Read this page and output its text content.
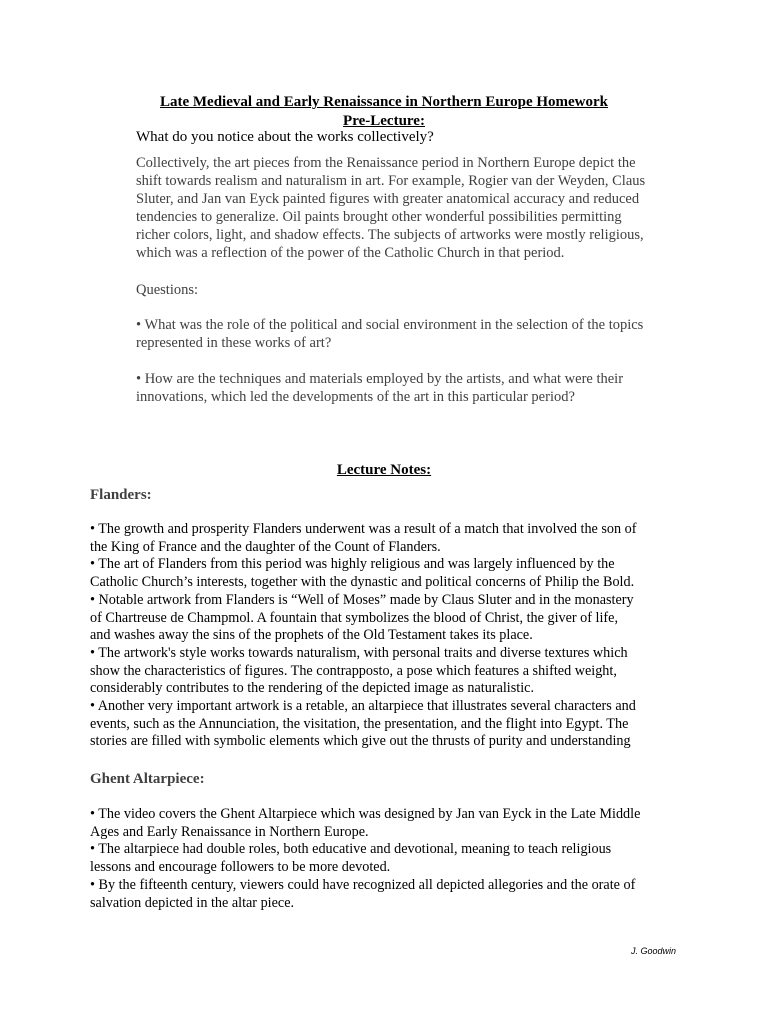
Late Medieval and Early Renaissance in Northern Europe Homework
Pre-Lecture:
What do you notice about the works collectively?

Collectively, the art pieces from the Renaissance period in Northern Europe depict the

shift towards realism and naturalism in art. For example, Rogier van der Weyden, Claus

Sluter, and Jan van Eyck painted figures with greater anatomical accuracy and reduced

tendencies to generalize. Oil paints brought other wonderful possibilities permitting

richer colors, light, and shadow effects. The subjects of artworks were mostly religious,

which was a reflection of the power of the Catholic Church in that period.

Questions:

• What was the role of the political and social environment in the selection of the topics

represented in these works of art?

• How are the techniques and materials employed by the artists, and what were their

innovations, which led the developments of the art in this particular period?

Lecture Notes:
Flanders:

• The growth and prosperity Flanders underwent was a result of a match that involved the son of

the King of France and the daughter of the Count of Flanders.

• The art of Flanders from this period was highly religious and was largely influenced by the

Catholic Church’s interests, together with the dynastic and political concerns of Philip the Bold.

• Notable artwork from Flanders is “Well of Moses” made by Claus Sluter and in the monastery

of Chartreuse de Champmol. A fountain that symbolizes the blood of Christ, the giver of life,

and washes away the sins of the prophets of the Old Testament takes its place.

• The artwork's style works towards naturalism, with personal traits and diverse textures which

show the characteristics of figures. The contrapposto, a pose which features a shifted weight,

considerably contributes to the rendering of the depicted image as naturalistic.

• Another very important artwork is a retable, an altarpiece that illustrates several characters and

events, such as the Annunciation, the visitation, the presentation, and the flight into Egypt. The

stories are filled with symbolic elements which give out the thrusts of purity and understanding

Ghent Altarpiece:

• The video covers the Ghent Altarpiece which was designed by Jan van Eyck in the Late Middle

Ages and Early Renaissance in Northern Europe.

• The altarpiece had double roles, both educative and devotional, meaning to teach religious

lessons and encourage followers to be more devoted.

• By the fifteenth century, viewers could have recognized all depicted allegories and the orate of

salvation depicted in the altar piece.

J. Goodwin
